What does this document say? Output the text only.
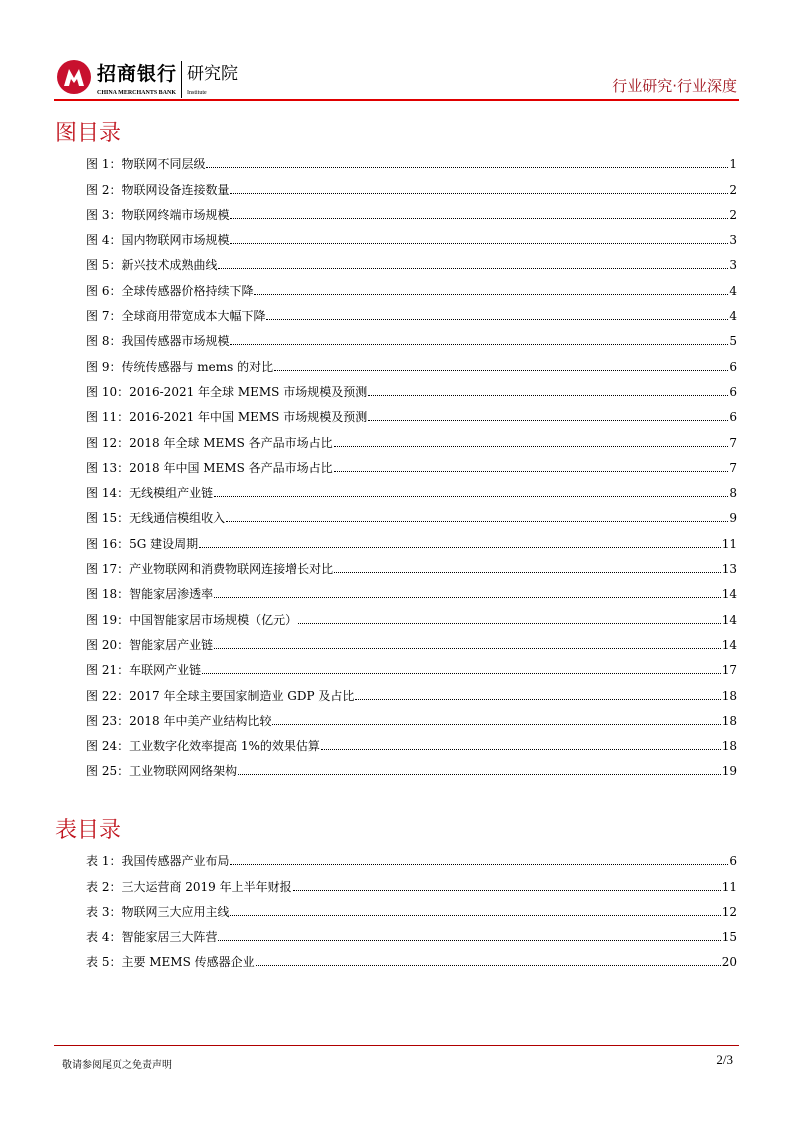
招商银行
CHINA MERCHANTS BANK
研究院
Institute	行业研究·行业深度
图目录
图 1：物联网不同层级	1
图 2：物联网设备连接数量	2
图 3：物联网终端市场规模	2
图 4：国内物联网市场规模	3
图 5：新兴技术成熟曲线	3
图 6：全球传感器价格持续下降	4
图 7：全球商用带宽成本大幅下降	4
图 8：我国传感器市场规模	5
图 9：传统传感器与 mems 的对比	6
图 10：2016-2021 年全球 MEMS 市场规模及预测	6
图 11：2016-2021 年中国 MEMS 市场规模及预测	6
图 12：2018 年全球 MEMS 各产品市场占比	7
图 13：2018 年中国 MEMS 各产品市场占比	7
图 14：无线模组产业链	8
图 15：无线通信模组收入	9
图 16：5G 建设周期	11
图 17：产业物联网和消费物联网连接增长对比	13
图 18：智能家居渗透率	14
图 19：中国智能家居市场规模（亿元）	14
图 20：智能家居产业链	14
图 21：车联网产业链	17
图 22：2017 年全球主要国家制造业 GDP 及占比	18
图 23：2018 年中美产业结构比较	18
图 24：工业数字化效率提高 1%的效果估算	18
图 25：工业物联网网络架构	19
表目录
表 1：我国传感器产业布局	6
表 2：三大运营商 2019 年上半年财报	11
表 3：物联网三大应用主线	12
表 4：智能家居三大阵营	15
表 5：主要 MEMS 传感器企业	20
敬请参阅尾页之免责声明	2/3
